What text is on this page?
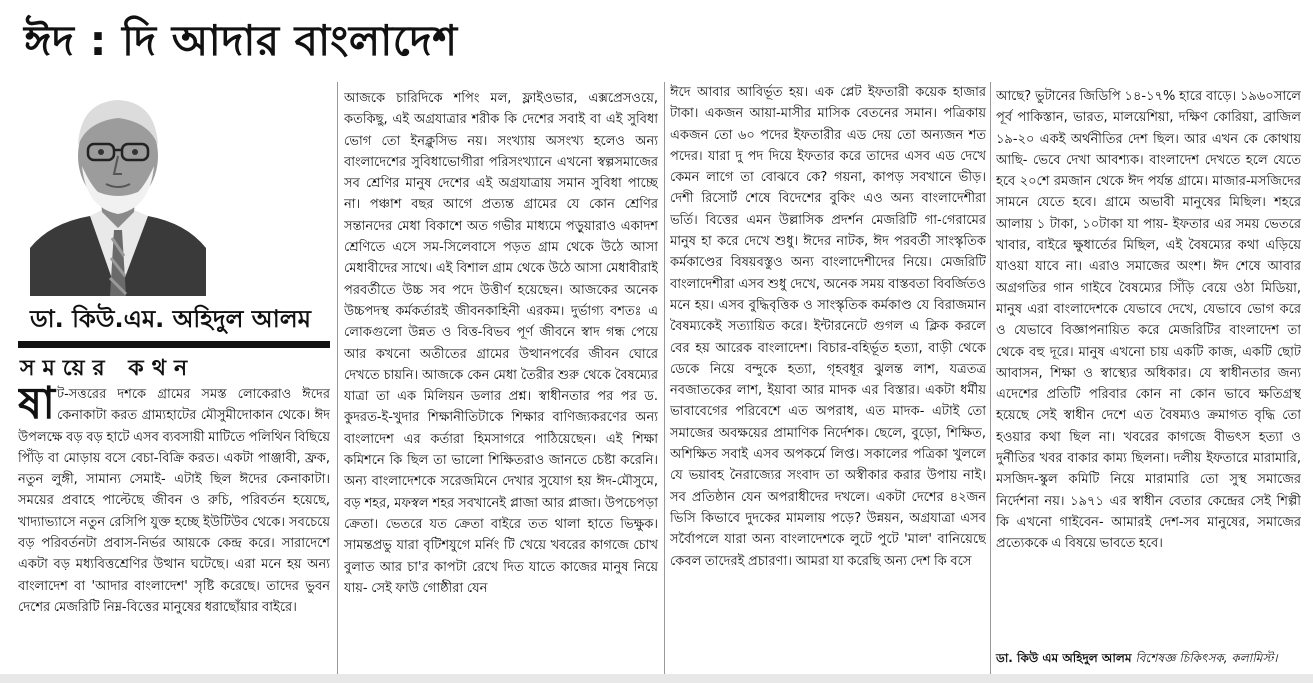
ঈদ : দি আদার বাংলাদেশ
ডা. কিউ.এম. অহিদুল আলম
সময়ের কথন
ষাট-সত্তরের দশকে গ্রামের সমস্ত লোকেরাও ঈদের কেনাকাটা করত গ্রাম্যহাটের মৌসুমীদোকান থেকে। ঈদ উপলক্ষে বড় বড় হাটে এসব ব্যবসায়ী মাটিতে পলিথিন বিছিয়ে পিঁড়ি বা মোড়ায় বসে বেচা-বিক্রি করত। একটা পাঞ্জাবী, ফ্রক, নতুন লুঙ্গী, সামান্য সেমাই- এটাই ছিল ঈদের কেনাকাটা। সময়ের প্রবাহে পাল্টেছে জীবন ও রুচি, পরিবর্তন হয়েছে, খাদ্যাভ্যাসে নতুন রেসিপি যুক্ত হচ্ছে ইউটিউব থেকে। সবচেয়ে বড় পরিবর্তনটা প্রবাস-নির্ভর আয়কে কেন্দ্র করে। সারাদেশে একটা বড় মধ্যবিত্তশ্রেণির উত্থান ঘটেছে। এরা মনে হয় অন্য বাংলাদেশ বা 'আদার বাংলাদেশ' সৃষ্টি করেছে। তাদের ভুবন দেশের মেজরিটি নিম্ন-বিত্তের মানুষের ধরাছোঁয়ার বাইরে।

আজকে চারিদিকে শপিং মল, ফ্লাইওভার, এক্সপ্রেসওয়ে, কতকিছু, এই অগ্রযাত্রার শরীক কি দেশের সবাই বা এই সুবিধা ভোগ তো ইনক্লুসিভ নয়। সংখ্যায় অসংখ্য হলেও অন্য বাংলাদেশের সুবিধাভোগীরা পরিসংখ্যানে এখনো স্বল্পসমাজের সব শ্রেণির মানুষ দেশের এই অগ্রযাত্রায় সমান সুবিধা পাচ্ছে না। পঞ্চাশ বছর আগে প্রত্যন্ত গ্রামের যে কোন শ্রেণির সন্তানদের মেধা বিকাশে অত গভীর মাধ্যমে পড়ুয়ারাও একাদশ শ্রেণিতে এসে সম-সিলেবাসে পড়ত গ্রাম থেকে উঠে আসা মেধাবীদের সাথে। এই বিশাল গ্রাম থেকে উঠে আসা মেধাবীরাই পরবর্তীতে উচ্চ সব পদে উত্তীর্ণ হয়েছেন। আজকের অনেক উচ্চপদস্থ কর্মকর্তারই জীবনকাহিনী এরকম। দুর্ভাগ্য বশতঃ এ লোকগুলো উন্নত ও বিত্ত-বিভব পূর্ণ জীবনে স্বাদ গন্ধ পেয়ে আর কখনো অতীতের গ্রামের উত্থানপর্বের জীবন ঘোরে দেখতে চায়নি। আজকে কেন মেধা তৈরীর শুরু থেকে বৈষম্যের যাত্রা তা এক মিলিয়ন ডলার প্রশ্ন। স্বাধীনতার পর পর ড. কুদরত-ই-খুদার শিক্ষানীতিটাকে শিক্ষার বাণিজ্যকরণের অন্য বাংলাদেশ এর কর্তারা হিমসাগরে পাঠিয়েছেন। এই শিক্ষা কমিশনে কি ছিল তা ভালো শিক্ষিতরাও জানতে চেষ্টা করেনি। অন্য বাংলাদেশকে সরেজমিনে দেখার সুযোগ হয় ঈদ-মৌসুমে, বড় শহর, মফস্বল শহর সবখানেই প্লাজা আর প্লাজা। উপচেপড়া ক্রেতা। ভেতরে যত ক্রেতা বাইরে তত থালা হাতে ভিক্ষুক। সামন্তপ্রভু যারা বৃটিশযুগে মর্নিং টি খেয়ে খবরের কাগজে চোখ বুলাত আর চা'র কাপটা রেখে দিত যাতে কাজের মানুষ নিয়ে যায়- সেই ফাউ গোষ্ঠীরা যেন

ঈদে আবার আবির্ভূত হয়। এক প্লেট ইফতারী কয়েক হাজার টাকা। একজন আয়া-মাসীর মাসিক বেতনের সমান। পত্রিকায় একজন তো ৬০ পদের ইফতারীর এড দেয় তো অন্যজন শত পদের। যারা দু পদ দিয়ে ইফতার করে তাদের এসব এড দেখে কেমন লাগে তা বোঝবে কে? গয়না, কাপড় সবখানে ভীড়। দেশী রিসোর্ট শেষে বিদেশের বুকিং এও অন্য বাংলাদেশীরা ভর্তি। বিত্তের এমন উল্লাসিক প্রদর্শন মেজরিটি গা-গেরামের মানুষ হা করে দেখে শুধু। ঈদের নাটক, ঈদ পরবর্তী সাংস্কৃতিক কর্মকাণ্ডের বিষয়বস্তুও অন্য বাংলাদেশীদের নিয়ে। মেজরিটি বাংলাদেশীরা এসব শুধু দেখে, অনেক সময় বাস্তবতা বিবর্জিতও মনে হয়। এসব বুদ্ধিবৃত্তিক ও সাংস্কৃতিক কর্মকাণ্ড যে বিরাজমান বৈষম্যকেই সত্যায়িত করে। ইন্টারনেটে গুগল এ ক্লিক করলে বের হয় আরেক বাংলাদেশ। বিচার-বহির্ভূত হত্যা, বাড়ী থেকে ডেকে নিয়ে বন্দুকে হত্যা, গৃহবধূর ঝুলন্ত লাশ, যত্রতত্র নবজাতকের লাশ, ইয়াবা আর মাদক এর বিস্তার। একটা ধর্মীয় ভাবাবেগের পরিবেশে এত অপরাধ, এত মাদক- এটাই তো সমাজের অবক্ষয়ের প্রামাণিক নির্দেশক। ছেলে, বুড়ো, শিক্ষিত, অশিক্ষিত সবাই এসব অপকর্মে লিপ্ত। সকালের পত্রিকা খুললে যে ভয়াবহ নৈরাজ্যের সংবাদ তা অস্বীকার করার উপায় নাই। সব প্রতিষ্ঠান যেন অপরাধীদের দখলে। একটা দেশের ৪২জন ভিসি কিভাবে দুদকের মামলায় পড়ে? উন্নয়ন, অগ্রযাত্রা এসব সর্বৈাপলে যারা অন্য বাংলাদেশকে লুটে পুটে 'মাল' বানিয়েছে কেবল তাদেরই প্রচারণা। আমরা যা করেছি অন্য দেশ কি বসে

আছে? ভুটানের জিডিপি ১৪-১৭% হারে বাড়ে। ১৯৬০সালে পূর্ব পাকিস্তান, ভারত, মালয়েশিয়া, দক্ষিণ কোরিয়া, ব্রাজিল ১৯-২০ একই অর্থনীতির দেশ ছিল। আর এখন কে কোথায় আছি- ভেবে দেখা আবশ্যক। বাংলাদেশ দেখতে হলে যেতে হবে ২০শে রমজান থেকে ঈদ পর্যন্ত গ্রামে। মাজার-মসজিদের সামনে যেতে হবে। গ্রামে অভাবী মানুষের মিছিল। শহরে আলায় ১ টাকা, ১০টাকা যা পায়- ইফতার এর সময় ভেতরে খাবার, বাইরে ক্ষুধার্তের মিছিল, এই বৈষম্যের কথা এড়িয়ে যাওয়া যাবে না। এরাও সমাজের অংশ। ঈদ শেষে আবার অগ্রগতির গান গাইবে বৈষম্যের সিঁড়ি বেয়ে ওঠা মিডিয়া, মানুষ এরা বাংলাদেশকে যেভাবে দেখে, যেভাবে ভোগ করে ও যেভাবে বিজ্ঞাপনায়িত করে মেজরিটির বাংলাদেশ তা থেকে বহু দূরে। মানুষ এখনো চায় একটি কাজ, একটি ছোট আবাসন, শিক্ষা ও স্বাস্থ্যের অধিকার। যে স্বাধীনতার জন্য এদেশের প্রতিটি পরিবার কোন না কোন ভাবে ক্ষতিগ্রস্থ হয়েছে সেই স্বাধীন দেশে এত বৈষম্যও ক্রমাগত বৃদ্ধি তো হওয়ার কথা ছিল না। খবরের কাগজে বীভৎস হত্যা ও দুর্নীতির খবর বাকার কাম্য ছিলনা। দলীয় ইফতারে মারামারি, মসজিদ-স্কুল কমিটি নিয়ে মারামারি তো সুস্থ সমাজের নির্দেশনা নয়। ১৯৭১ এর স্বাধীন বেতার কেন্দ্রের সেই শিল্পী কি এখনো গাইবেন- আমারই দেশ-সব মানুষের, সমাজের প্রত্যেককে এ বিষয়ে ভাবতে হবে।

ডা. কিউ এম অহিদুল আলম বিশেষজ্ঞ চিকিৎসক, কলামিস্ট।
